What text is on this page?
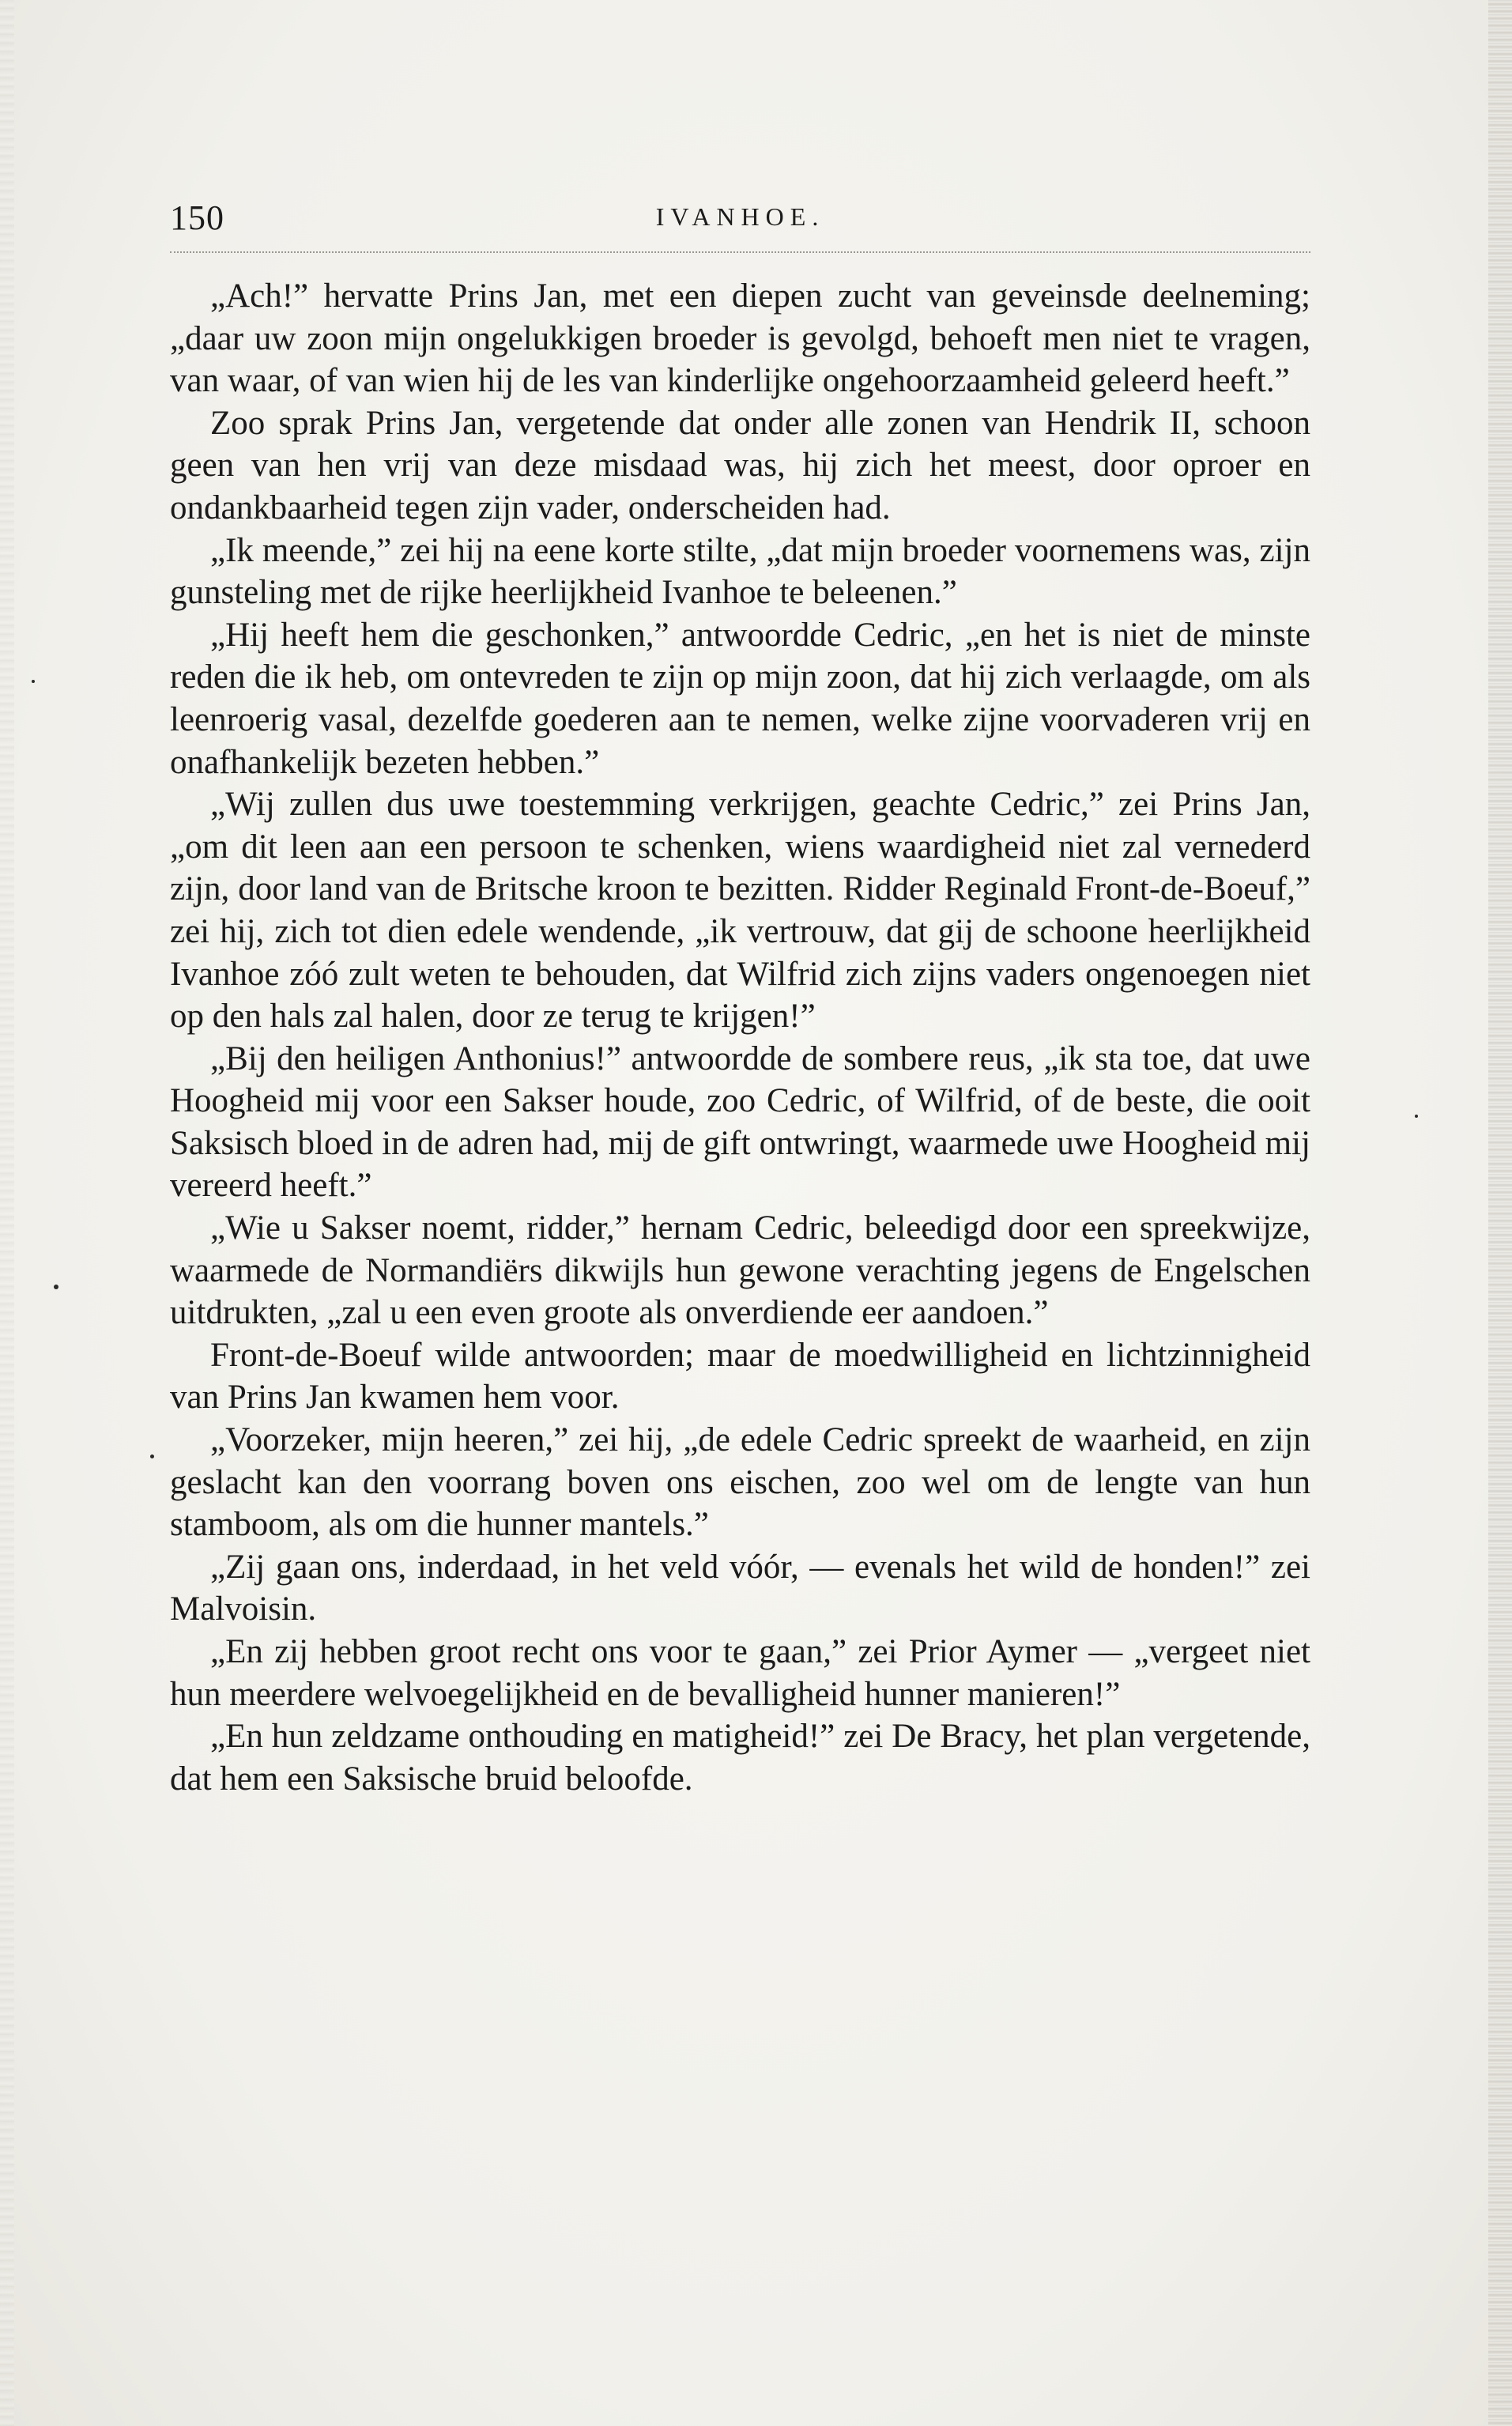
150	IVANHOE.

„Ach!” hervatte Prins Jan, met een diepen zucht van geveinsde deelneming; „daar uw zoon mijn ongelukkigen broeder is gevolgd, behoeft men niet te vragen, van waar, of van wien hij de les van kinderlijke ongehoorzaamheid geleerd heeft.”

Zoo sprak Prins Jan, vergetende dat onder alle zonen van Hendrik II, schoon geen van hen vrij van deze misdaad was, hij zich het meest, door oproer en ondankbaarheid tegen zijn vader, onderscheiden had.

„Ik meende,” zei hij na eene korte stilte, „dat mijn broeder voornemens was, zijn gunsteling met de rijke heerlijkheid Ivanhoe te beleenen.”

„Hij heeft hem die geschonken,” antwoordde Cedric, „en het is niet de minste reden die ik heb, om ontevreden te zijn op mijn zoon, dat hij zich verlaagde, om als leenroerig vasal, dezelfde goederen aan te nemen, welke zijne voorvaderen vrij en onafhankelijk bezeten hebben.”

„Wij zullen dus uwe toestemming verkrijgen, geachte Cedric,” zei Prins Jan, „om dit leen aan een persoon te schenken, wiens waardigheid niet zal vernederd zijn, door land van de Britsche kroon te bezitten. Ridder Reginald Front-de-Boeuf,” zei hij, zich tot dien edele wendende, „ik vertrouw, dat gij de schoone heerlijkheid Ivanhoe zóó zult weten te behouden, dat Wilfrid zich zijns vaders ongenoegen niet op den hals zal halen, door ze terug te krijgen!”

„Bij den heiligen Anthonius!” antwoordde de sombere reus, „ik sta toe, dat uwe Hoogheid mij voor een Sakser houde, zoo Cedric, of Wilfrid, of de beste, die ooit Saksisch bloed in de adren had, mij de gift ontwringt, waarmede uwe Hoogheid mij vereerd heeft.”

„Wie u Sakser noemt, ridder,” hernam Cedric, beleedigd door een spreekwijze, waarmede de Normandiërs dikwijls hun gewone verachting jegens de Engelschen uitdrukten, „zal u een even groote als onverdiende eer aandoen.”

Front-de-Boeuf wilde antwoorden; maar de moedwilligheid en lichtzinnigheid van Prins Jan kwamen hem voor.

„Voorzeker, mijn heeren,” zei hij, „de edele Cedric spreekt de waarheid, en zijn geslacht kan den voorrang boven ons eischen, zoo wel om de lengte van hun stamboom, als om die hunner mantels.”

„Zij gaan ons, inderdaad, in het veld vóór, — evenals het wild de honden!” zei Malvoisin.

„En zij hebben groot recht ons voor te gaan,” zei Prior Aymer — „vergeet niet hun meerdere welvoegelijkheid en de bevalligheid hunner manieren!”

„En hun zeldzame onthouding en matigheid!” zei De Bracy, het plan vergetende, dat hem een Saksische bruid beloofde.
